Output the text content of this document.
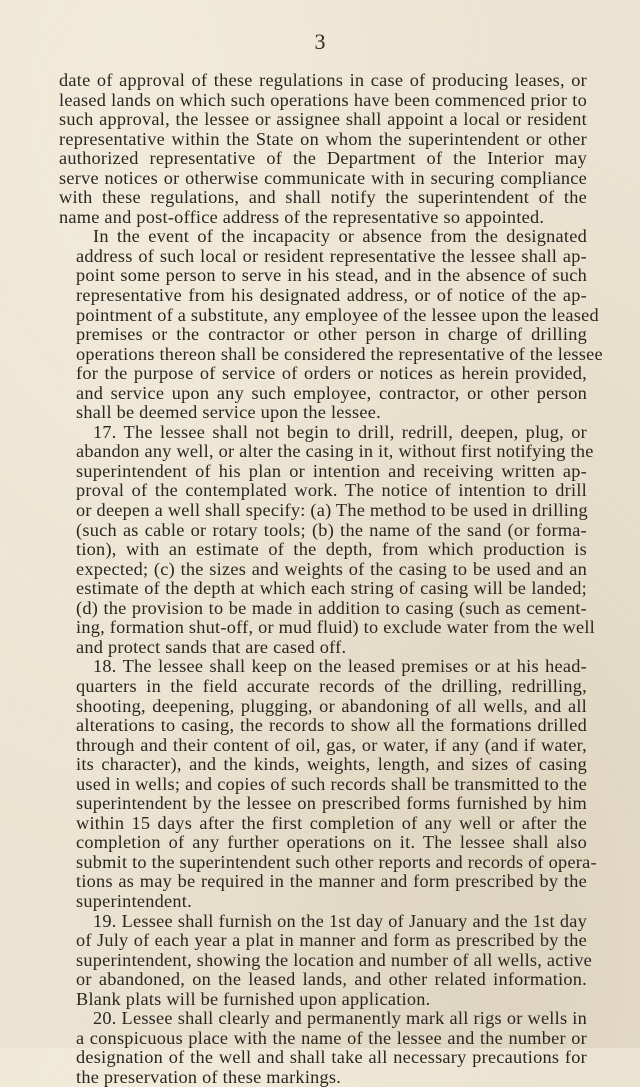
3
date of approval of these regulations in case of producing leases, or
leased lands on which such operations have been commenced prior to
such approval, the lessee or assignee shall appoint a local or resident
representative within the State on whom the superintendent or other
authorized representative of the Department of the Interior may
serve notices or otherwise communicate with in securing compliance
with these regulations, and shall notify the superintendent of the
name and post-office address of the representative so appointed.
In the event of the incapacity or absence from the designated
address of such local or resident representative the lessee shall ap-
point some person to serve in his stead, and in the absence of such
representative from his designated address, or of notice of the ap-
pointment of a substitute, any employee of the lessee upon the leased
premises or the contractor or other person in charge of drilling
operations thereon shall be considered the representative of the lessee
for the purpose of service of orders or notices as herein provided,
and service upon any such employee, contractor, or other person
shall be deemed service upon the lessee.
17. The lessee shall not begin to drill, redrill, deepen, plug, or
abandon any well, or alter the casing in it, without first notifying the
superintendent of his plan or intention and receiving written ap-
proval of the contemplated work. The notice of intention to drill
or deepen a well shall specify: (a) The method to be used in drilling
(such as cable or rotary tools; (b) the name of the sand (or forma-
tion), with an estimate of the depth, from which production is
expected; (c) the sizes and weights of the casing to be used and an
estimate of the depth at which each string of casing will be landed;
(d) the provision to be made in addition to casing (such as cement-
ing, formation shut-off, or mud fluid) to exclude water from the well
and protect sands that are cased off.
18. The lessee shall keep on the leased premises or at his head-
quarters in the field accurate records of the drilling, redrilling,
shooting, deepening, plugging, or abandoning of all wells, and all
alterations to casing, the records to show all the formations drilled
through and their content of oil, gas, or water, if any (and if water,
its character), and the kinds, weights, length, and sizes of casing
used in wells; and copies of such records shall be transmitted to the
superintendent by the lessee on prescribed forms furnished by him
within 15 days after the first completion of any well or after the
completion of any further operations on it. The lessee shall also
submit to the superintendent such other reports and records of opera-
tions as may be required in the manner and form prescribed by the
superintendent.
19. Lessee shall furnish on the 1st day of January and the 1st day
of July of each year a plat in manner and form as prescribed by the
superintendent, showing the location and number of all wells, active
or abandoned, on the leased lands, and other related information.
Blank plats will be furnished upon application.
20. Lessee shall clearly and permanently mark all rigs or wells in
a conspicuous place with the name of the lessee and the number or
designation of the well and shall take all necessary precautions for
the preservation of these markings.
